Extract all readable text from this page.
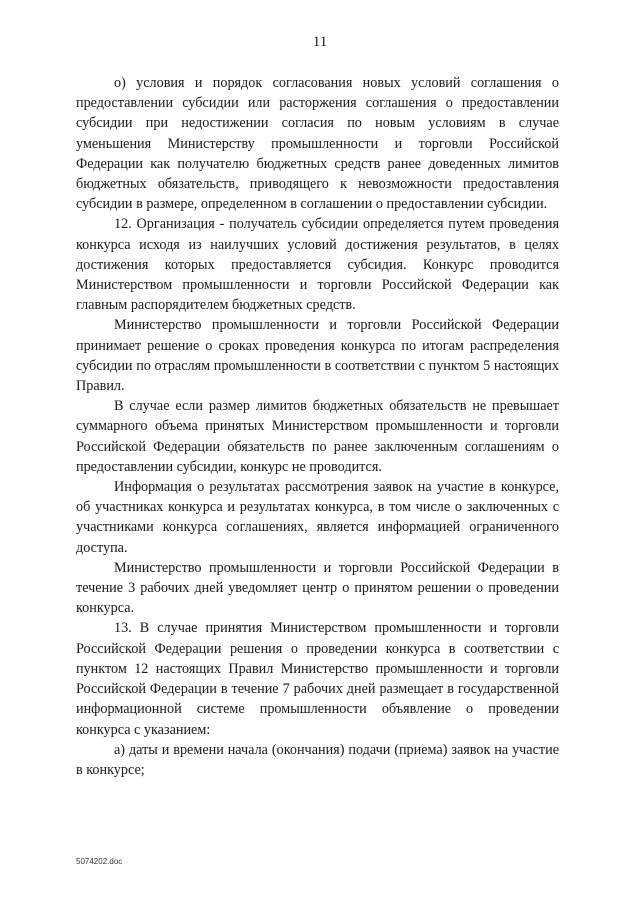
11

о) условия и порядок согласования новых условий соглашения о предоставлении субсидии или расторжения соглашения о предоставлении субсидии при недостижении согласия по новым условиям в случае уменьшения Министерству промышленности и торговли Российской Федерации как получателю бюджетных средств ранее доведенных лимитов бюджетных обязательств, приводящего к невозможности предоставления субсидии в размере, определенном в соглашении о предоставлении субсидии.

12. Организация - получатель субсидии определяется путем проведения конкурса исходя из наилучших условий достижения результатов, в целях достижения которых предоставляется субсидия. Конкурс проводится Министерством промышленности и торговли Российской Федерации как главным распорядителем бюджетных средств.

Министерство промышленности и торговли Российской Федерации принимает решение о сроках проведения конкурса по итогам распределения субсидии по отраслям промышленности в соответствии с пунктом 5 настоящих Правил.

В случае если размер лимитов бюджетных обязательств не превышает суммарного объема принятых Министерством промышленности и торговли Российской Федерации обязательств по ранее заключенным соглашениям о предоставлении субсидии, конкурс не проводится.

Информация о результатах рассмотрения заявок на участие в конкурсе, об участниках конкурса и результатах конкурса, в том числе о заключенных с участниками конкурса соглашениях, является информацией ограниченного доступа.

Министерство промышленности и торговли Российской Федерации в течение 3 рабочих дней уведомляет центр о принятом решении о проведении конкурса.

13. В случае принятия Министерством промышленности и торговли Российской Федерации решения о проведении конкурса в соответствии с пунктом 12 настоящих Правил Министерство промышленности и торговли Российской Федерации в течение 7 рабочих дней размещает в государственной информационной системе промышленности объявление о проведении конкурса с указанием:

а) даты и времени начала (окончания) подачи (приема) заявок на участие в конкурсе;

5074202.doc
